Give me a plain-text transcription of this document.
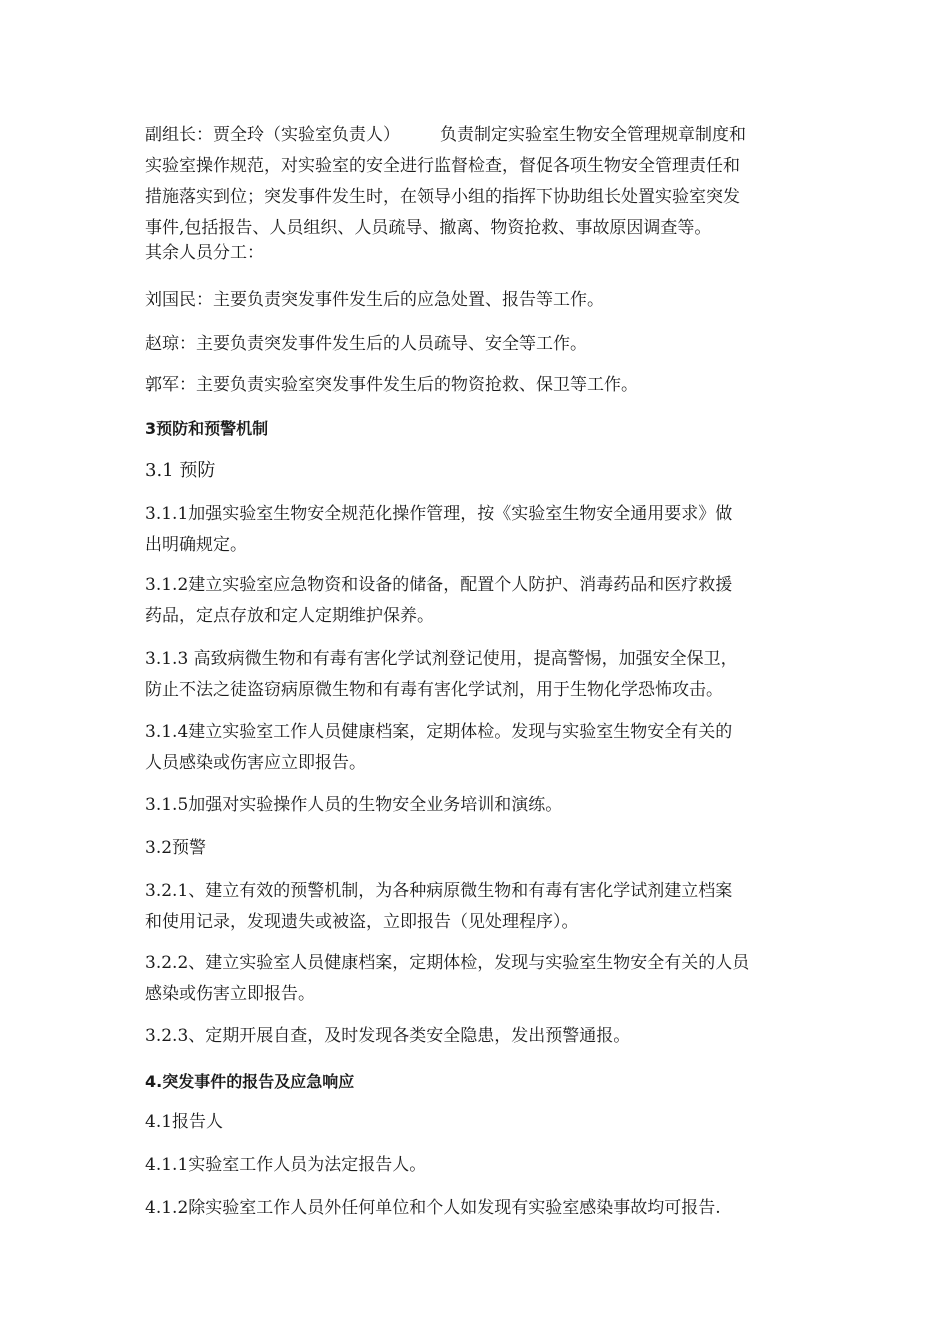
副组长：贾全玲（实验室负责人） 负责制定实验室生物安全管理规章制度和
实验室操作规范，对实验室的安全进行监督检查，督促各项生物安全管理责任和
措施落实到位；突发事件发生时，在领导小组的指挥下协助组长处置实验室突发
事件,包括报告、人员组织、人员疏导、撤离、物资抢救、事故原因调查等。
其余人员分工：
刘国民：主要负责突发事件发生后的应急处置、报告等工作。
赵琼：主要负责突发事件发生后的人员疏导、安全等工作。
郭军：主要负责实验室突发事件发生后的物资抢救、保卫等工作。
3预防和预警机制
3.1 预防
3.1.1加强实验室生物安全规范化操作管理，按《实验室生物安全通用要求》做
出明确规定。
3.1.2建立实验室应急物资和设备的储备，配置个人防护、消毒药品和医疗救援
药品，定点存放和定人定期维护保养。
3.1.3 高致病微生物和有毒有害化学试剂登记使用，提高警惕，加强安全保卫，
防止不法之徒盗窃病原微生物和有毒有害化学试剂，用于生物化学恐怖攻击。
3.1.4建立实验室工作人员健康档案，定期体检。发现与实验室生物安全有关的
人员感染或伤害应立即报告。
3.1.5加强对实验操作人员的生物安全业务培训和演练。
3.2预警
3.2.1、建立有效的预警机制，为各种病原微生物和有毒有害化学试剂建立档案
和使用记录，发现遗失或被盗，立即报告（见处理程序）。
3.2.2、建立实验室人员健康档案，定期体检，发现与实验室生物安全有关的人员
感染或伤害立即报告。
3.2.3、定期开展自查，及时发现各类安全隐患，发出预警通报。
4.突发事件的报告及应急响应
4.1报告人
4.1.1实验室工作人员为法定报告人。
4.1.2除实验室工作人员外任何单位和个人如发现有实验室感染事故均可报告.
